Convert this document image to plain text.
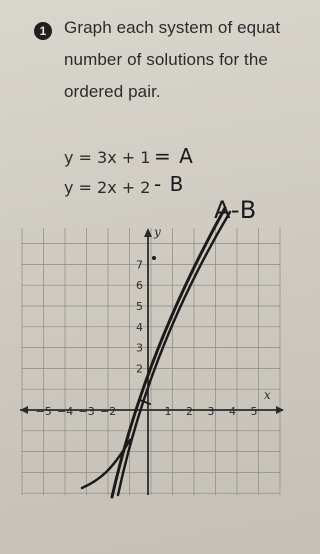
1	Graph each system of equat
number of solutions for the
ordered pair.
y = 3x + 1 = A
y = 2x + 2 - B
A-B
−5 −4 −3 −2	1 2 3 4 5
7
6
5
4
3
2
x
y
